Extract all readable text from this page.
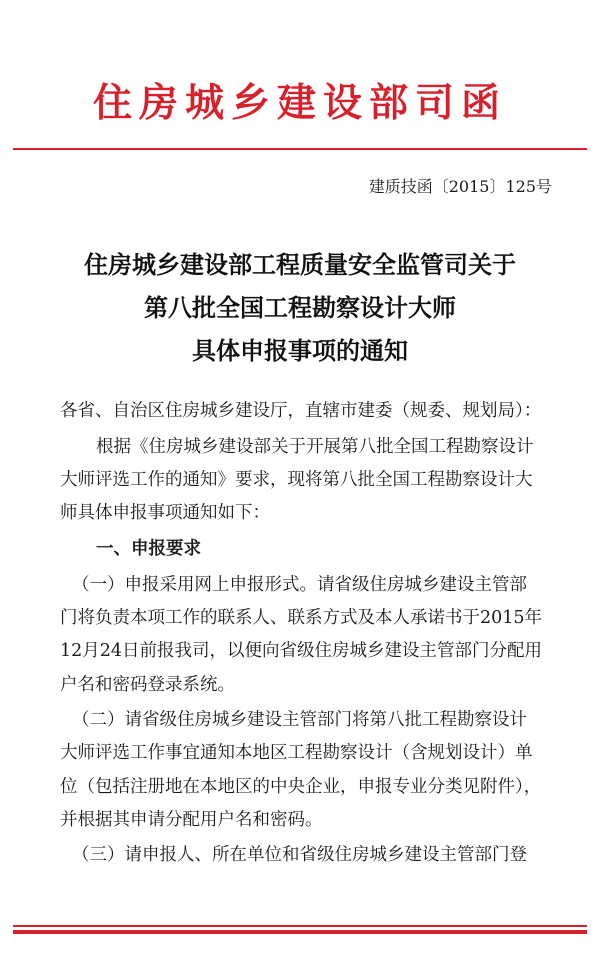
住房城乡建设部司函
建质技函〔2015〕125号
住房城乡建设部工程质量安全监管司关于
第八批全国工程勘察设计大师
具体申报事项的通知
各省、自治区住房城乡建设厅，直辖市建委（规委、规划局）：
根据《住房城乡建设部关于开展第八批全国工程勘察设计
大师评选工作的通知》要求，现将第八批全国工程勘察设计大
师具体申报事项通知如下：
一、申报要求
（一）申报采用网上申报形式。请省级住房城乡建设主管部
门将负责本项工作的联系人、联系方式及本人承诺书于2015年
12月24日前报我司，以便向省级住房城乡建设主管部门分配用
户名和密码登录系统。
（二）请省级住房城乡建设主管部门将第八批工程勘察设计
大师评选工作事宜通知本地区工程勘察设计（含规划设计）单
位（包括注册地在本地区的中央企业，申报专业分类见附件），
并根据其申请分配用户名和密码。
（三）请申报人、所在单位和省级住房城乡建设主管部门登
